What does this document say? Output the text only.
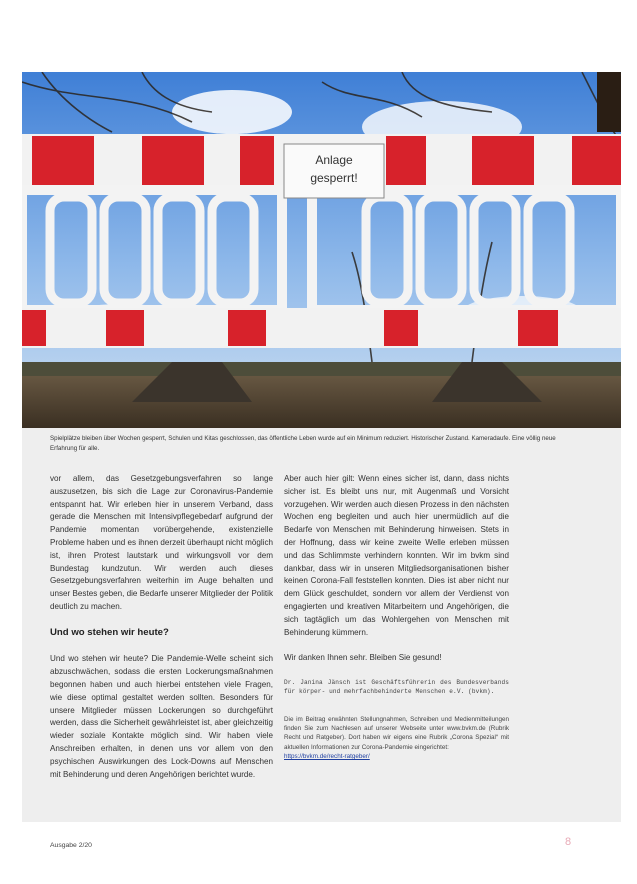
Anlage
gesperrt!
Spielplätze bleiben über Wochen gesperrt, Schulen und Kitas geschlossen, das öffentliche Leben wurde auf ein Minimum reduziert. Historischer Zustand. Kameradaufe. Eine völlig neue Erfahrung für alle.

vor allem, das Gesetzgebungsverfahren so lange auszusetzen, bis sich die Lage zur Coronavirus-Pandemie entspannt hat. Wir erleben hier in unserem Verband, dass gerade die Menschen mit Intensivpflegebedarf aufgrund der Pandemie momentan vorübergehende, existenzielle Probleme haben und es ihnen derzeit überhaupt nicht möglich ist, ihren Protest lautstark und wirkungsvoll vor dem Bundestag kundzutun. Wir werden auch dieses Gesetzgebungsverfahren weiterhin im Auge behalten und unser Bestes geben, die Bedarfe unserer Mitglieder der Politik deutlich zu machen.

Und wo stehen wir heute?

Und wo stehen wir heute? Die Pandemie-Welle scheint sich abzuschwächen, sodass die ersten Lockerungsmaßnahmen begonnen haben und auch hierbei entstehen viele Fragen, wie diese optimal gestaltet werden sollten. Besonders für unsere Mitglieder müssen Lockerungen so durchgeführt werden, dass die Sicherheit gewährleistet ist, aber gleichzeitig wieder soziale Kontakte möglich sind. Wir haben viele Anschreiben erhalten, in denen uns vor allem von den psychischen Auswirkungen des Lock-Downs auf Menschen mit Behinderung und deren Angehörigen berichtet wurde.

Aber auch hier gilt: Wenn eines sicher ist, dann, dass nichts sicher ist. Es bleibt uns nur, mit Augenmaß und Vorsicht vorzugehen. Wir werden auch diesen Prozess in den nächsten Wochen eng begleiten und auch hier unermüdlich auf die Bedarfe von Menschen mit Behinderung hinweisen. Stets in der Hoffnung, dass wir keine zweite Welle erleben müssen und das Schlimmste verhindern konnten. Wir im bvkm sind dankbar, dass wir in unseren Mitgliedsorganisationen bisher keinen Corona-Fall feststellen konnten. Dies ist aber nicht nur dem Glück geschuldet, sondern vor allem der Verdienst von engagierten und kreativen Mitarbeitern und Angehörigen, die sich tagtäglich um das Wohlergehen von Menschen mit Behinderung kümmern.

Wir danken Ihnen sehr. Bleiben Sie gesund!

Dr. Janina Jänsch ist Geschäftsführerin des Bundesverbands für körper- und mehrfachbehinderte Menschen e.V. (bvkm).

Die im Beitrag erwähnten Stellungnahmen, Schreiben und Medienmitteilungen finden Sie zum Nachlesen auf unserer Webseite unter www.bvkm.de (Rubrik Recht und Ratgeber). Dort haben wir eigens eine Rubrik „Corona Spezial“ mit aktuellen Informationen zur Corona-Pandemie eingerichtet:
https://bvkm.de/recht-ratgeber/

Ausgabe 2/20	8
